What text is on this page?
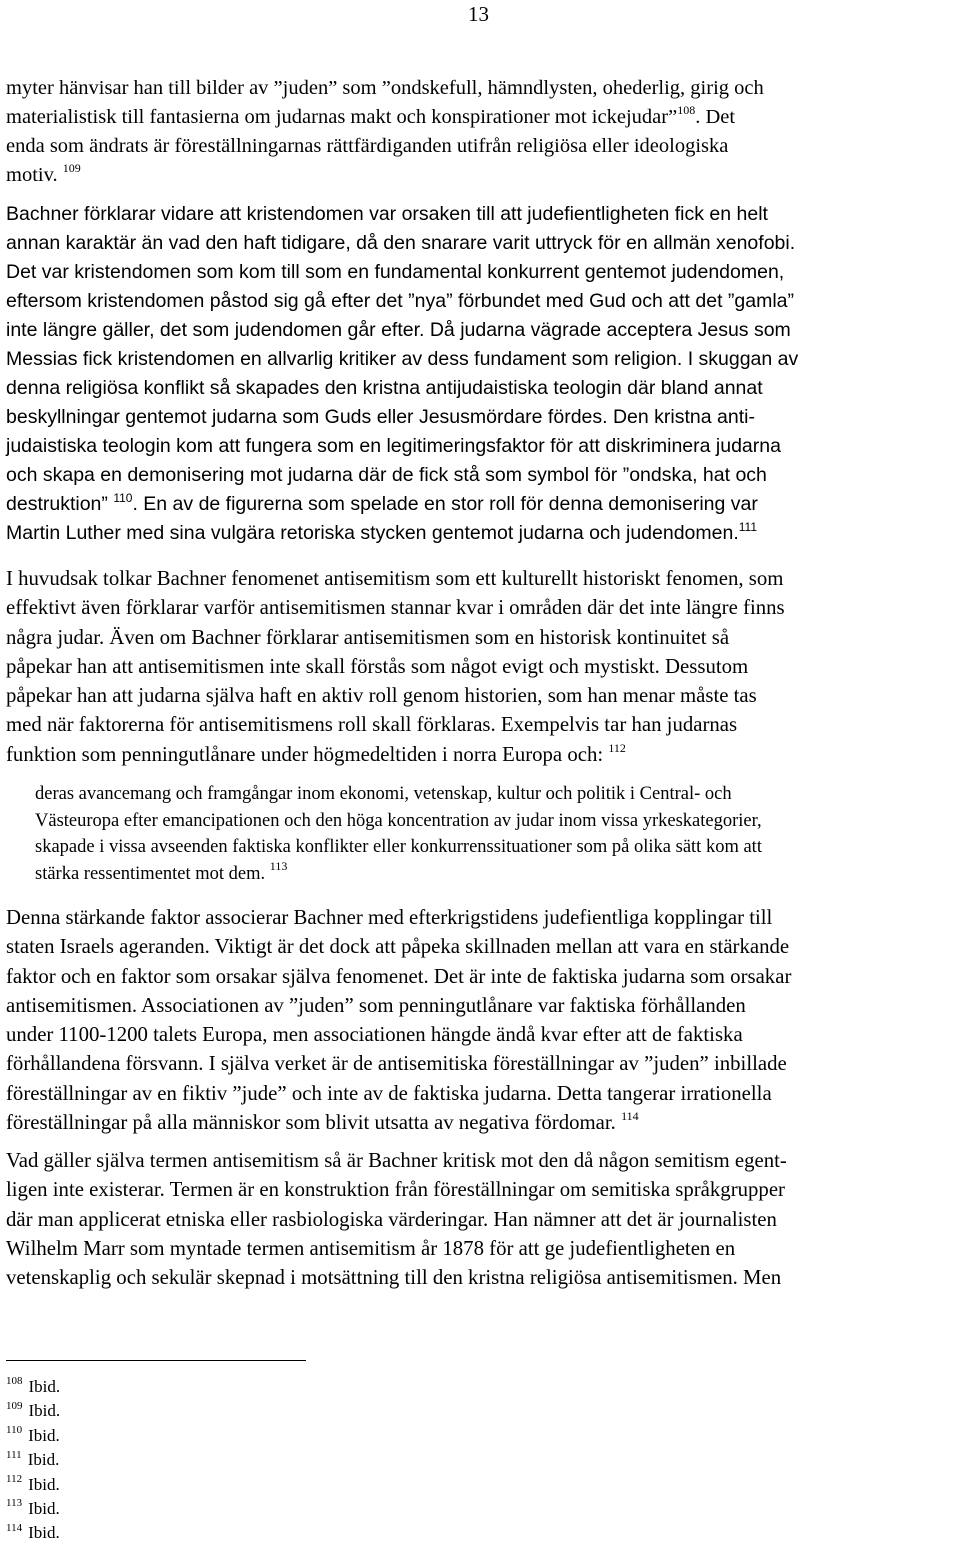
13

myter hänvisar han till bilder av ”juden” som ”ondskefull, hämndlysten, ohederlig, girig och
materialistisk till fantasierna om judarnas makt och konspirationer mot ickejudar”$^{108}$. Det
enda som ändrats är föreställningarnas rättfärdiganden utifrån religiösa eller ideologiska
motiv. $^{109}$

Bachner förklarar vidare att kristendomen var orsaken till att judefientligheten fick en helt
annan karaktär än vad den haft tidigare, då den snarare varit uttryck för en allmän xenofobi.
Det var kristendomen som kom till som en fundamental konkurrent gentemot judendomen,
eftersom kristendomen påstod sig gå efter det ”nya” förbundet med Gud och att det ”gamla”
inte längre gäller, det som judendomen går efter. Då judarna vägrade acceptera Jesus som
Messias fick kristendomen en allvarlig kritiker av dess fundament som religion. I skuggan av
denna religiösa konflikt så skapades den kristna antijudaistiska teologin där bland annat
beskyllningar gentemot judarna som Guds eller Jesusmördare fördes. Den kristna anti-
judaistiska teologin kom att fungera som en legitimeringsfaktor för att diskriminera judarna
och skapa en demonisering mot judarna där de fick stå som symbol för ”ondska, hat och
destruktion” $^{110}$. En av de figurerna som spelade en stor roll för denna demonisering var
Martin Luther med sina vulgära retoriska stycken gentemot judarna och judendomen.$^{111}$

I huvudsak tolkar Bachner fenomenet antisemitism som ett kulturellt historiskt fenomen, som
effektivt även förklarar varför antisemitismen stannar kvar i områden där det inte längre finns
några judar. Även om Bachner förklarar antisemitismen som en historisk kontinuitet så
påpekar han att antisemitismen inte skall förstås som något evigt och mystiskt. Dessutom
påpekar han att judarna själva haft en aktiv roll genom historien, som han menar måste tas
med när faktorerna för antisemitismens roll skall förklaras. Exempelvis tar han judarnas
funktion som penningutlånare under högmedeltiden i norra Europa och: $^{112}$

deras avancemang och framgångar inom ekonomi, vetenskap, kultur och politik i Central- och
Västeuropa efter emancipationen och den höga koncentration av judar inom vissa yrkeskategorier,
skapade i vissa avseenden faktiska konflikter eller konkurrenssituationer som på olika sätt kom att
stärka ressentimentet mot dem. $^{113}$

Denna stärkande faktor associerar Bachner med efterkrigstidens judefientliga kopplingar till
staten Israels ageranden. Viktigt är det dock att påpeka skillnaden mellan att vara en stärkande
faktor och en faktor som orsakar själva fenomenet. Det är inte de faktiska judarna som orsakar
antisemitismen. Associationen av ”juden” som penningutlånare var faktiska förhållanden
under 1100-1200 talets Europa, men associationen hängde ändå kvar efter att de faktiska
förhållandena försvann. I själva verket är de antisemitiska föreställningar av ”juden” inbillade
föreställningar av en fiktiv ”jude” och inte av de faktiska judarna. Detta tangerar irrationella
föreställningar på alla människor som blivit utsatta av negativa fördomar. $^{114}$

Vad gäller själva termen antisemitism så är Bachner kritisk mot den då någon semitism egent-
ligen inte existerar. Termen är en konstruktion från föreställningar om semitiska språkgrupper
där man applicerat etniska eller rasbiologiska värderingar. Han nämner att det är journalisten
Wilhelm Marr som myntade termen antisemitism år 1878 för att ge judefientligheten en
vetenskaplig och sekulär skepnad i motsättning till den kristna religiösa antisemitismen. Men

$^{108}$ Ibid.
$^{109}$ Ibid.
$^{110}$ Ibid.
$^{111}$ Ibid.
$^{112}$ Ibid.
$^{113}$ Ibid.
$^{114}$ Ibid.
